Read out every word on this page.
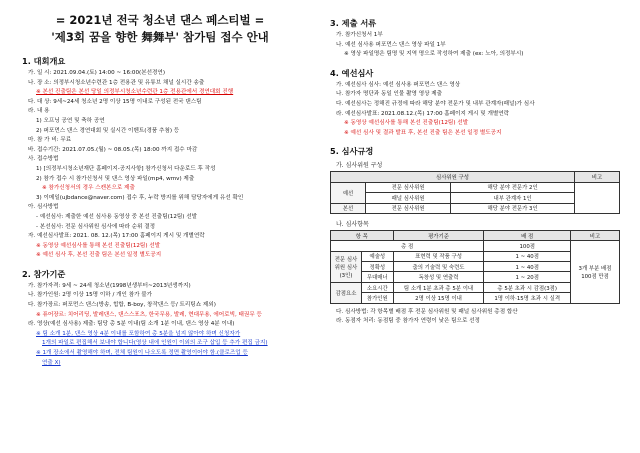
= 2021년 전국 청소년 댄스 페스티벌 =
'제3회 꿈을 향한 舞舞부' 참가팀 접수 안내
1. 대회개요
가. 일 시: 2021.09.04.(토) 14:00 ~ 16:00(본선경연)
나. 장 소: 의정부시청소년수련관 1층 전용관 및 유튜브 채널 실시간 송출
※ 본선 진출팀은 본선 당일 의정부시청소년수련관 1층 전용관에서 경연대회 진행
다. 대 상: 9세~24세 청소년 2명 이상 15명 이내로 구성된 전국 댄스팀
라. 내 용
1) 오프닝 공연 및 축하 공연
2) 퍼포먼스 댄스 경연대회 및 실시간 이벤트(경품 추첨) 등
마. 참 가 비: 무료
바. 접수기간: 2021.07.05.(월) ~ 08.05.(목) 18:00 까지 접수 마감
사. 접수방법
1) [의정부시청소년재단 홈페이지-공지사항] 참가신청서 다운로드 후 작성
2) 참가 접수 시 참가신청서 및 댄스 영상 파일(mp4, wmv) 제출
※ 참가신청서의 경우 스캔본으로 제출
3) 이메일(ujbdance@naver.com) 접수 후, 누락 방지를 위해 담당자에게 유선 확인
아. 심사방법
- 예선심사: 제출한 예선 심사용 동영상 중 본선 진출팀(12팀) 선발
- 본선심사: 전문 심사위원 심사에 따라 순위 결정
자. 예선심사발표: 2021. 08. 12.(목) 17:00 홈페이지 게시 및 개별연락
※ 동영상 예선심사를 통해 본선 진출팀(12팀) 선발
※ 예선 심사 후, 본선 진출 팀은 본선 일정 별도공지
2. 참가기준
가. 참가자격: 9세 ~ 24세 청소년(1998년생부터~2013년생까지)
나. 참가인원: 2명 이상 15명 이하 / 개인 참가 불가
다. 참가장르: 퍼포먼스 댄스(방송, 힙합, B-boy, 창작댄스 등/ 트리팅쇼 제외)
※ 퓨어장르: 치어리딩, 발레댄스, 댄스스포츠, 한국무용, 발레, 현대무용, 에어로빅, 태권무 등
라. 영상(예선 심사용) 제출: 팀당 총 5분 이내(팀 소개 1분 이내, 댄스 영상 4분 이내)
※ 팀 소개 1분, 댄스 영상 4분 이내를 포함하여 총 5분을 넘지 않아야 하며 신청자가
1개의 파일로 편집해서 보내야 합니다(영상 내에 인원이 이외의 조구 삽입 등 추가 편집 금지)
※ 1개 장소에서 촬영해야 하며, 전체 팀원이 나오도록 정면 촬영이어야 함.(클로즈업 등
연출 X)
3. 제출 서류
가. 참가신청서 1부
나. 예선 심사용 퍼포먼스 댄스 영상 파일 1부
※ 영상 파일명은 팀명 및 지역 명으로 작성하여 제출 (ex: 노아, 의정부시)
4. 예선심사
가. 예선심사 심사: 예선 심사용 퍼포먼스 댄스 영상
나. 참가자 명단과 동일 인물 촬영 영상 제출
다. 예선심사는 정해진 규정에 따라 해당 분야 전문가 및 내부 관계자(패널)가 심사
라. 예선심사발표: 2021.08.12.(목) 17:00 홈페이지 게시 및 개별연락
※ 동영상 예선심사를 통해 본선 진출팀(12팀) 선발
※ 예선 심사 및 결과 발표 후, 본선 진출 팀은 본선 일정 별도공지
5. 심사규정
가. 심사위원 구성
심사위원 구성			비고
예선	전문 심사위원	해당 분야 전문가 2인	
	패널 심사위원	내부 관계자 1인	
본선	전문 심사위원	해당 분야 전문가 3인	
나. 심사항목
항 목		평가기준	배 점	비고
총 점			100점	3개 부분 배점 100점 만점
전문 심사위원 심사 (3인)	예술성	표현력 및 작품 구성	1 ~ 40점	
	정확성	춤의 기술력 및 숙련도	1 ~ 40점	
	무대매너	독창성 및 연출력	1 ~ 20점	
감점요소	소요시간	팀 소개 1분 초과 총 5분 이내	총 5분 초과 시 감점(3점)	
	참가인원	2명 이상 15명 이내	1명 이하·15명 초과 시 실격	
다. 심사방법: 각 항목별 배점 후 전문 심사위원 및 패널 심사위원 총점 합산
라. 동점자 처리: 동점팀 중 참가자 연령이 낮은 팀으로 선정
